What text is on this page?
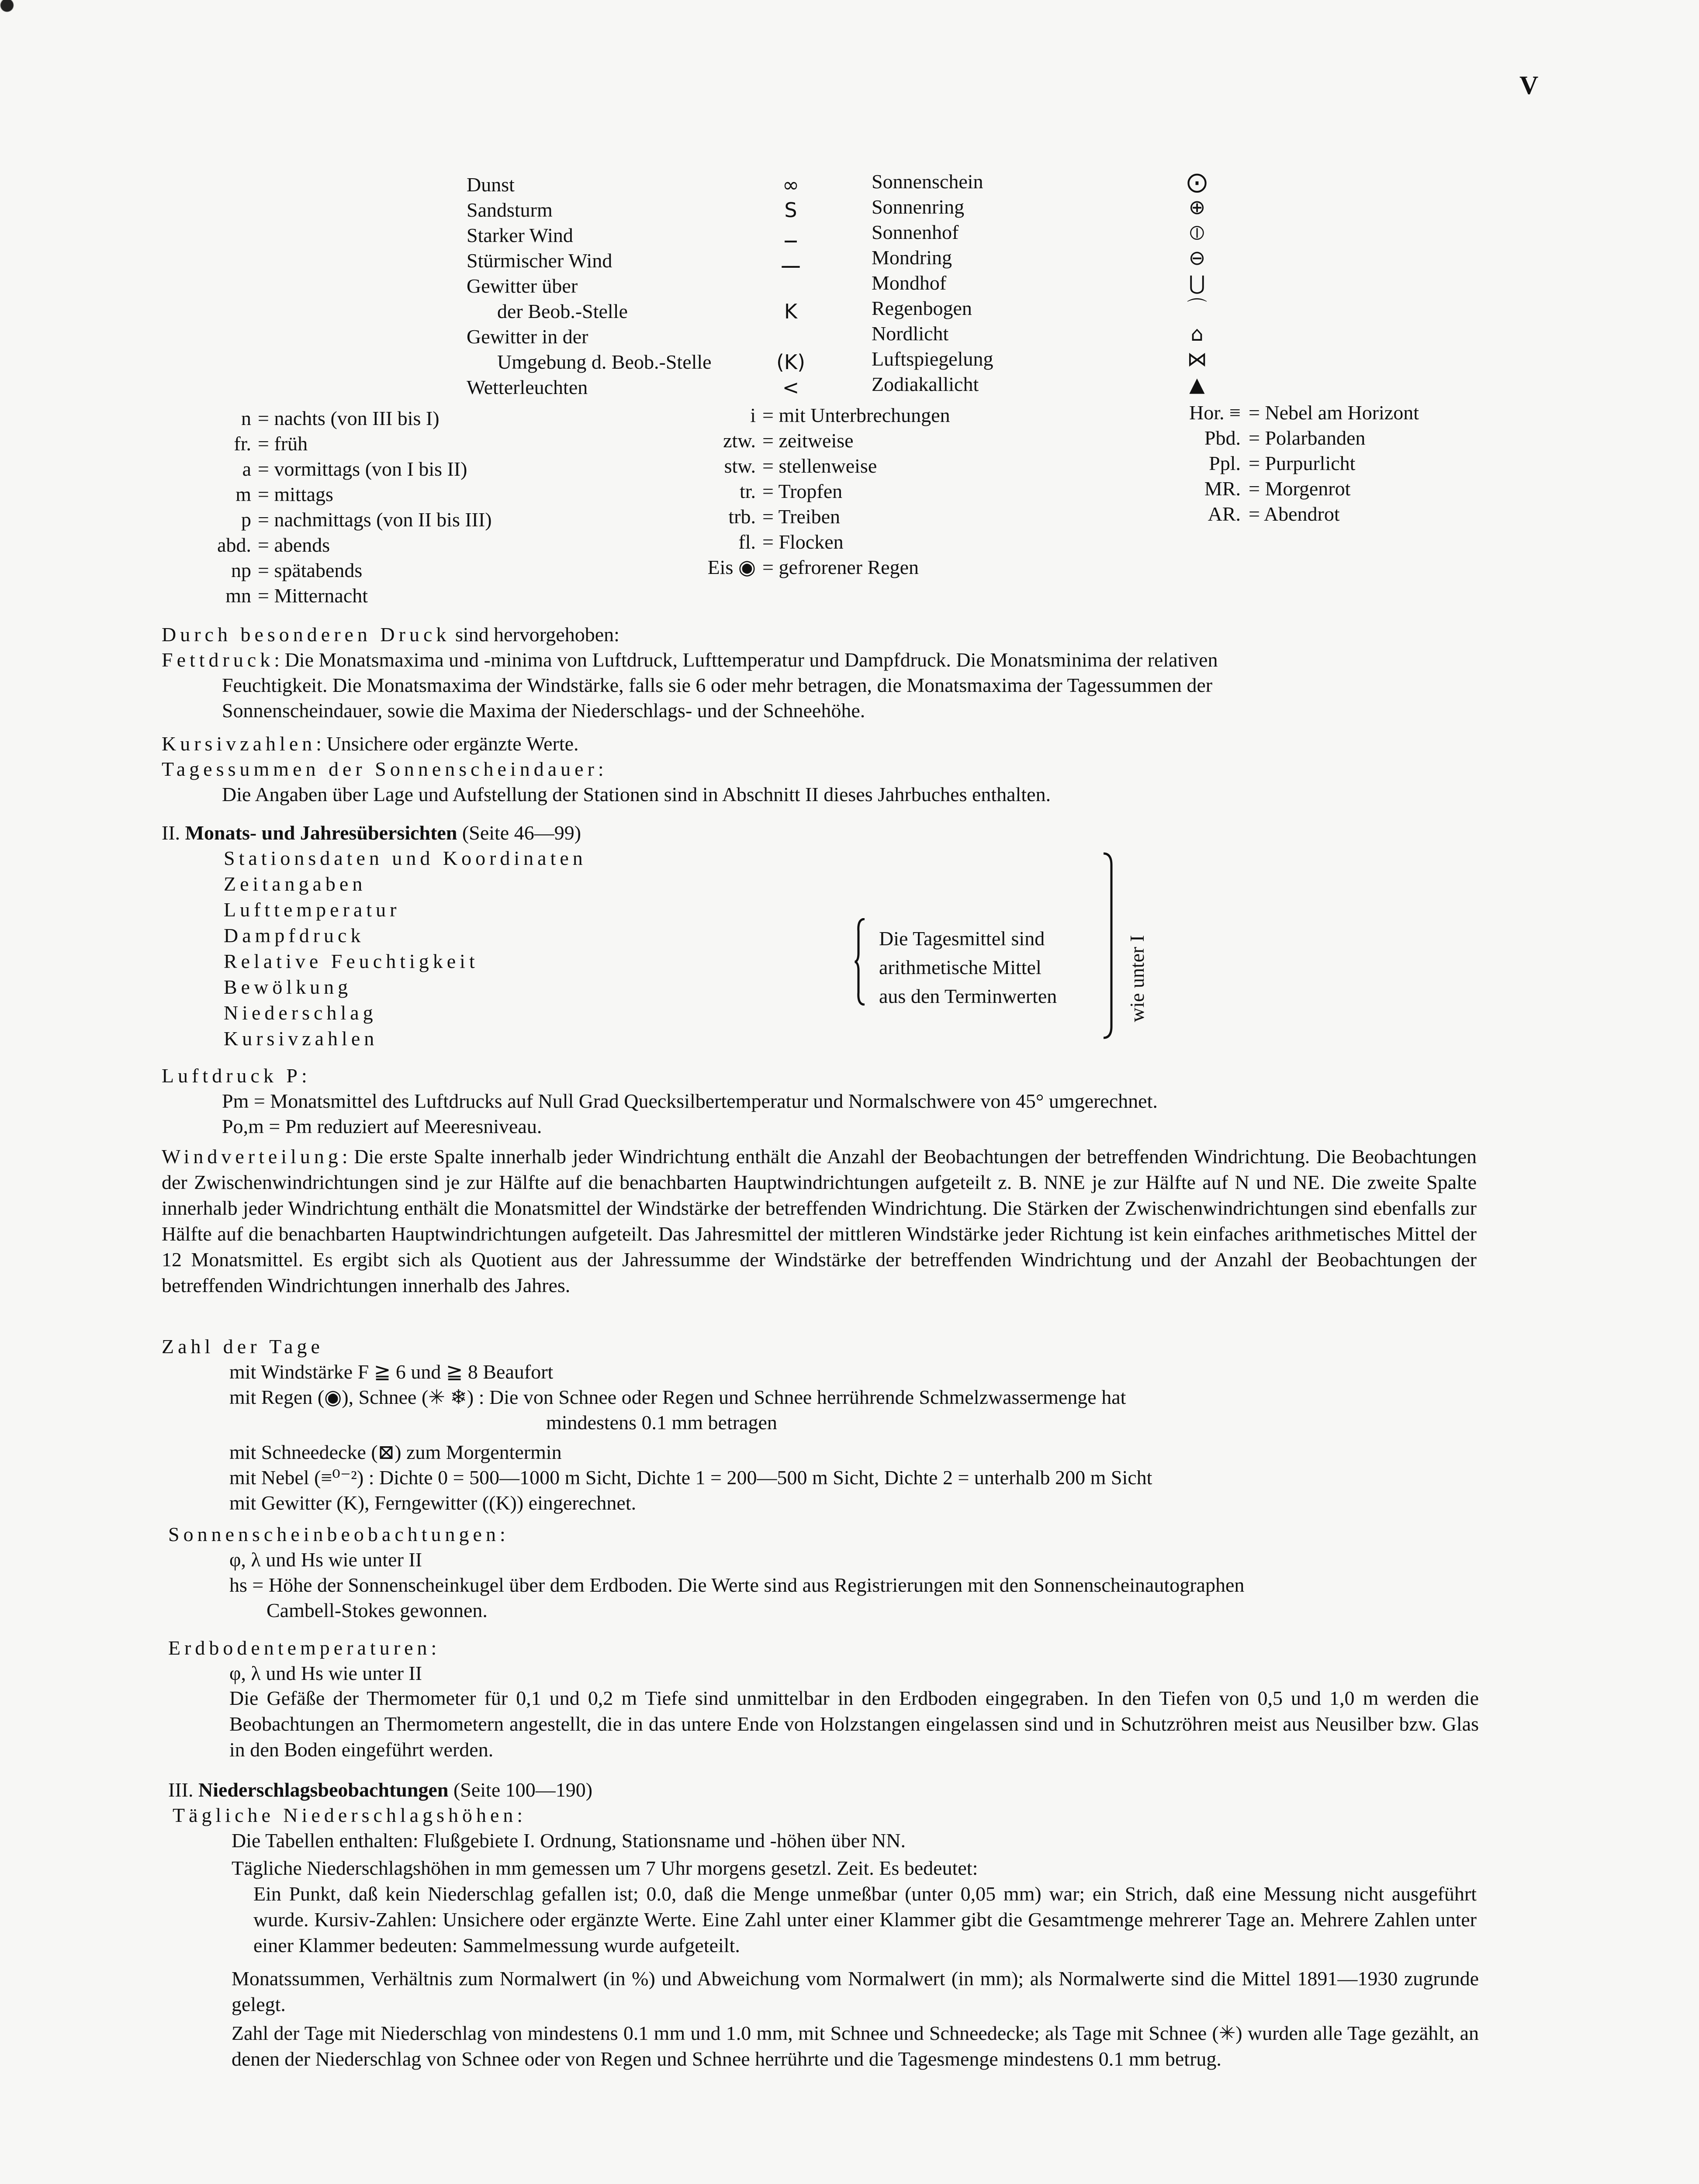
V
Durch besonderen Druck sind hervorgehoben:
Fettdruck: Die Monatsmaxima und -minima von Luftdruck, Lufttemperatur und Dampfdruck. Die Monatsminima der relativen
Feuchtigkeit. Die Monatsmaxima der Windstärke, falls sie 6 oder mehr betragen, die Monatsmaxima der Tagessummen der
Sonnenscheindauer, sowie die Maxima der Niederschlags- und der Schneehöhe.
Kursivzahlen: Unsichere oder ergänzte Werte.
Tagessummen der Sonnenscheindauer:
Die Angaben über Lage und Aufstellung der Stationen sind in Abschnitt II dieses Jahrbuches enthalten.
II. Monats- und Jahresübersichten (Seite 46—99)
Die Tagesmittel sind
arithmetische Mittel
aus den Terminwerten	wie unter I
Luftdruck P:
Pm = Monatsmittel des Luftdrucks auf Null Grad Quecksilbertemperatur und Normalschwere von 45° umgerechnet.
Po,m = Pm reduziert auf Meeresniveau.
Windverteilung: Die erste Spalte innerhalb jeder Windrichtung enthält die Anzahl der Beobachtungen der betreffenden Windrichtung. Die Beobachtungen der Zwischenwindrichtungen sind je zur Hälfte auf die benachbarten Hauptwindrichtungen aufgeteilt z. B. NNE je zur Hälfte auf N und NE. Die zweite Spalte innerhalb jeder Windrichtung enthält die Monatsmittel der Windstärke der betreffenden Windrichtung. Die Stärken der Zwischenwindrichtungen sind ebenfalls zur Hälfte auf die benachbarten Hauptwindrichtungen aufgeteilt. Das Jahresmittel der mittleren Windstärke jeder Richtung ist kein einfaches arithmetisches Mittel der 12 Monatsmittel. Es ergibt sich als Quotient aus der Jahressumme der Windstärke der betreffenden Windrichtung und der Anzahl der Beobachtungen der betreffenden Windrichtungen innerhalb des Jahres.
Zahl der Tage
mit Windstärke F ≧ 6 und ≧ 8 Beaufort
mit Regen (◉), Schnee (✳ ❄) : Die von Schnee oder Regen und Schnee herrührende Schmelzwassermenge hat
mindestens 0.1 mm betragen
mit Schneedecke (⊠) zum Morgentermin
mit Nebel (≡⁰⁻²) : Dichte 0 = 500—1000 m Sicht, Dichte 1 = 200—500 m Sicht, Dichte 2 = unterhalb 200 m Sicht
mit Gewitter (K), Ferngewitter ((K)) eingerechnet.
Sonnenscheinbeobachtungen:
φ, λ und Hs wie unter II
hs = Höhe der Sonnenscheinkugel über dem Erdboden. Die Werte sind aus Registrierungen mit den Sonnenscheinautographen
Cambell-Stokes gewonnen.
Erdbodentemperaturen:
φ, λ und Hs wie unter II
Die Gefäße der Thermometer für 0,1 und 0,2 m Tiefe sind unmittelbar in den Erdboden eingegraben. In den Tiefen von 0,5 und 1,0 m werden die Beobachtungen an Thermometern angestellt, die in das untere Ende von Holzstangen eingelassen sind und in Schutzröhren meist aus Neusilber bzw. Glas in den Boden eingeführt werden.
III. Niederschlagsbeobachtungen (Seite 100—190)
Tägliche Niederschlagshöhen:
Die Tabellen enthalten: Flußgebiete I. Ordnung, Stationsname und -höhen über NN.
Tägliche Niederschlagshöhen in mm gemessen um 7 Uhr morgens gesetzl. Zeit. Es bedeutet:
Ein Punkt, daß kein Niederschlag gefallen ist; 0.0, daß die Menge unmeßbar (unter 0,05 mm) war; ein Strich, daß eine Messung nicht ausgeführt wurde. Kursiv-Zahlen: Unsichere oder ergänzte Werte. Eine Zahl unter einer Klammer gibt die Gesamtmenge mehrerer Tage an. Mehrere Zahlen unter einer Klammer bedeuten: Sammelmessung wurde aufgeteilt.
Monatssummen, Verhältnis zum Normalwert (in %) und Abweichung vom Normalwert (in mm); als Normalwerte sind die Mittel 1891—1930 zugrunde gelegt.
Zahl der Tage mit Niederschlag von mindestens 0.1 mm und 1.0 mm, mit Schnee und Schneedecke; als Tage mit Schnee (✳) wurden alle Tage gezählt, an denen der Niederschlag von Schnee oder von Regen und Schnee herrührte und die Tagesmenge mindestens 0.1 mm betrug.
Dunst	∞
Sandsturm	S
Starker Wind	ــ
Stürmischer Wind	ـــ
Gewitter über
der Beob.-Stelle	K
Gewitter in der
Umgebung d. Beob.-Stelle	(K)
Wetterleuchten	<
Sonnenschein	⨀
Sonnenring	⊕
Sonnenhof	⦶
Mondring	⊖
Mondhof	⋃
Regenbogen	⌒
Nordlicht	⌂
Luftspiegelung	⋈
Zodiakallicht	▲
n = nachts (von III bis I)
fr. = früh
a = vormittags (von I bis II)
m = mittags
p = nachmittags (von II bis III)
abd. = abends
np = spätabends
mn = Mitternacht
i = mit Unterbrechungen
ztw. = zeitweise
stw. = stellenweise
tr. = Tropfen
trb. = Treiben
fl. = Flocken
Eis ◉ = gefrorener Regen
Hor. ≡ = Nebel am Horizont
Pbd. = Polarbanden
Ppl. = Purpurlicht
MR. = Morgenrot
AR. = Abendrot
Stationsdaten und Koordinaten
Zeitangaben
Lufttemperatur
Dampfdruck
Relative Feuchtigkeit
Bewölkung
Niederschlag
Kursivzahlen
